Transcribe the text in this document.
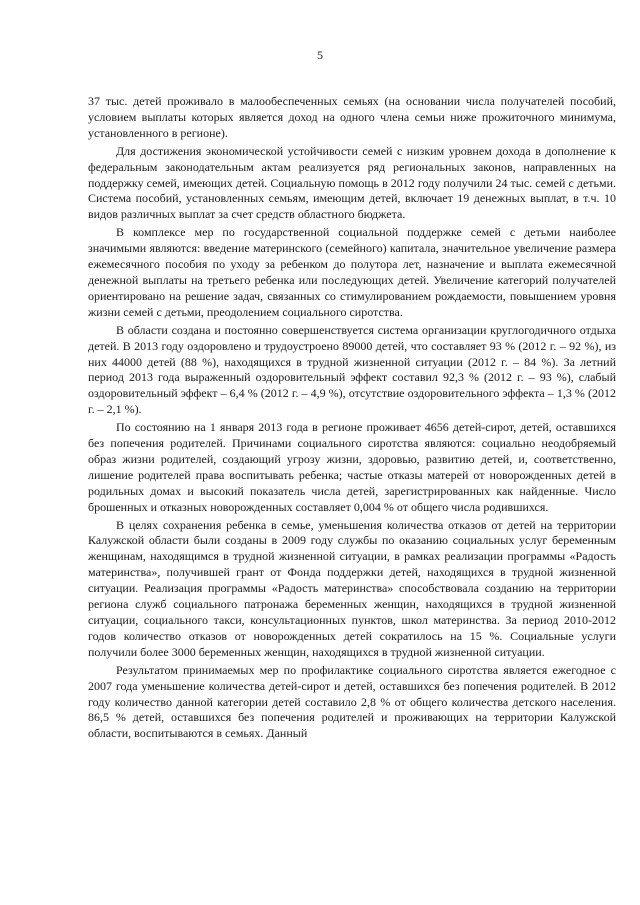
5

37 тыс. детей проживало в малообеспеченных семьях (на основании числа получателей пособий, условием выплаты которых является доход на одного члена семьи ниже прожиточного минимума, установленного в регионе).

Для достижения экономической устойчивости семей с низким уровнем дохода в дополнение к федеральным законодательным актам реализуется ряд региональных законов, направленных на поддержку семей, имеющих детей. Социальную помощь в 2012 году получили 24 тыс. семей с детьми. Система пособий, установленных семьям, имеющим детей, включает 19 денежных выплат, в т.ч. 10 видов различных выплат за счет средств областного бюджета.

В комплексе мер по государственной социальной поддержке семей с детьми наиболее значимыми являются: введение материнского (семейного) капитала, значительное увеличение размера ежемесячного пособия по уходу за ребенком до полутора лет, назначение и выплата ежемесячной денежной выплаты на третьего ребенка или последующих детей. Увеличение категорий получателей ориентировано на решение задач, связанных со стимулированием рождаемости, повышением уровня жизни семей с детьми, преодолением социального сиротства.

В области создана и постоянно совершенствуется система организации круглогодичного отдыха детей. В 2013 году оздоровлено и трудоустроено 89000 детей, что составляет 93 % (2012 г. – 92 %), из них 44000 детей (88 %), находящихся в трудной жизненной ситуации (2012 г. – 84 %). За летний период 2013 года выраженный оздоровительный эффект составил 92,3 % (2012 г. – 93 %), слабый оздоровительный эффект – 6,4 % (2012 г. – 4,9 %), отсутствие оздоровительного эффекта – 1,3 % (2012 г. – 2,1 %).

По состоянию на 1 января 2013 года в регионе проживает 4656 детей-сирот, детей, оставшихся без попечения родителей. Причинами социального сиротства являются: социально неодобряемый образ жизни родителей, создающий угрозу жизни, здоровью, развитию детей, и, соответственно, лишение родителей права воспитывать ребенка; частые отказы матерей от новорожденных детей в родильных домах и высокий показатель числа детей, зарегистрированных как найденные. Число брошенных и отказных новорожденных составляет 0,004 % от общего числа родившихся.

В целях сохранения ребенка в семье, уменьшения количества отказов от детей на территории Калужской области были созданы в 2009 году службы по оказанию социальных услуг беременным женщинам, находящимся в трудной жизненной ситуации, в рамках реализации программы «Радость материнства», получившей грант от Фонда поддержки детей, находящихся в трудной жизненной ситуации. Реализация программы «Радость материнства» способствовала созданию на территории региона служб социального патронажа беременных женщин, находящихся в трудной жизненной ситуации, социального такси, консультационных пунктов, школ материнства. За период 2010-2012 годов количество отказов от новорожденных детей сократилось на 15 %. Социальные услуги получили более 3000 беременных женщин, находящихся в трудной жизненной ситуации.

Результатом принимаемых мер по профилактике социального сиротства является ежегодное с 2007 года уменьшение количества детей-сирот и детей, оставшихся без попечения родителей. В 2012 году количество данной категории детей составило 2,8 % от общего количества детского населения. 86,5 % детей, оставшихся без попечения родителей и проживающих на территории Калужской области, воспитываются в семьях. Данный
